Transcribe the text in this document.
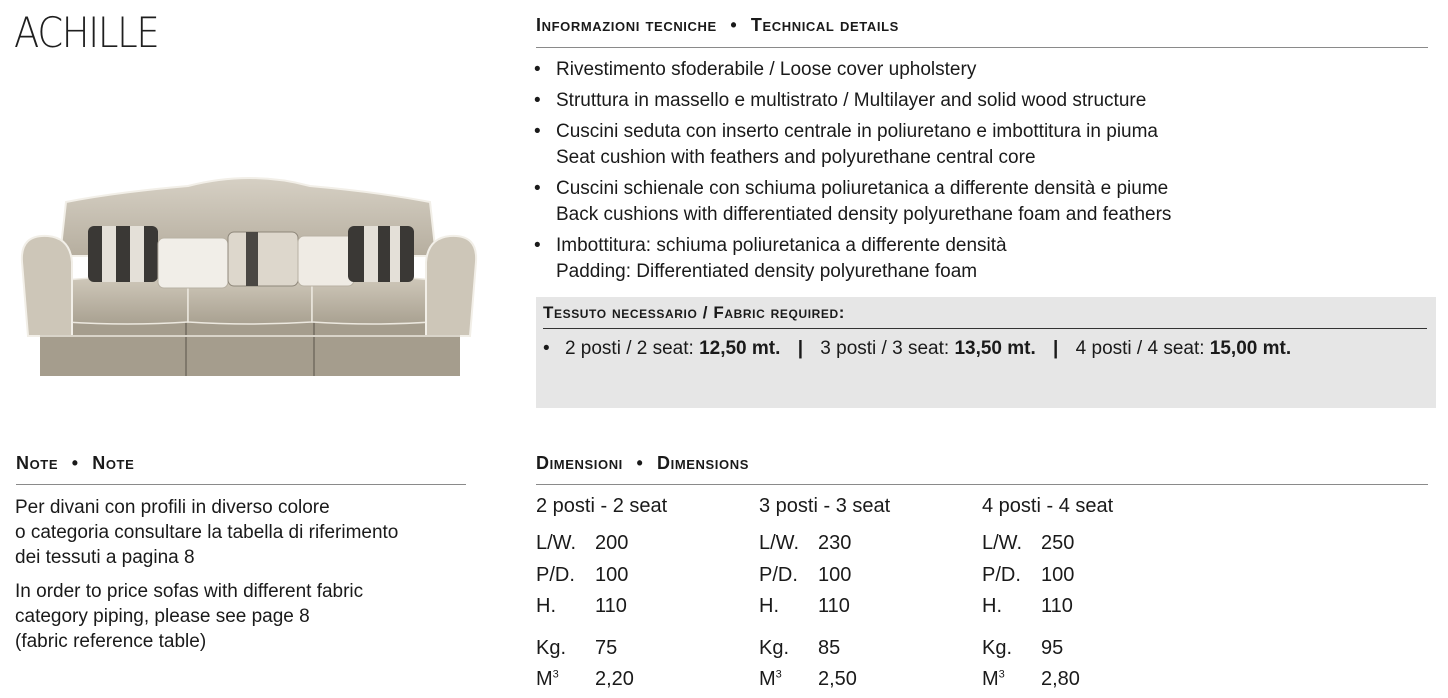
ACHILLE	Informazioni tecniche • Technical details
• Rivestimento sfoderabile / Loose cover upholstery
• Struttura in massello e multistrato / Multilayer and solid wood structure
• Cuscini seduta con inserto centrale in poliuretano e imbottitura in piuma
Seat cushion with feathers and polyurethane central core
• Cuscini schienale con schiuma poliuretanica a differente densità e piume
Back cushions with differentiated density polyurethane foam and feathers
• Imbottitura: schiuma poliuretanica a differente densità
Padding: Differentiated density polyurethane foam
Tessuto necessario / Fabric required:
• 2 posti / 2 seat: 12,50 mt. | 3 posti / 3 seat: 13,50 mt. | 4 posti / 4 seat: 15,00 mt.
Note • Note
Per divani con profili in diverso colore
o categoria consultare la tabella di riferimento
dei tessuti a pagina 8
In order to price sofas with different fabric
category piping, please see page 8
(fabric reference table)
Dimensioni • Dimensions
2 posti - 2 seat
L/W. 200
P/D.	100
H.	110
Kg.	75
$M^3$	2,20
3 posti - 3 seat
L/W. 230
P/D.	100
H.	110
Kg.	85
$M^3$	2,50
4 posti - 4 seat
L/W. 250
P/D.	100
H.	110
Kg.	95
$M^3$	2,80
